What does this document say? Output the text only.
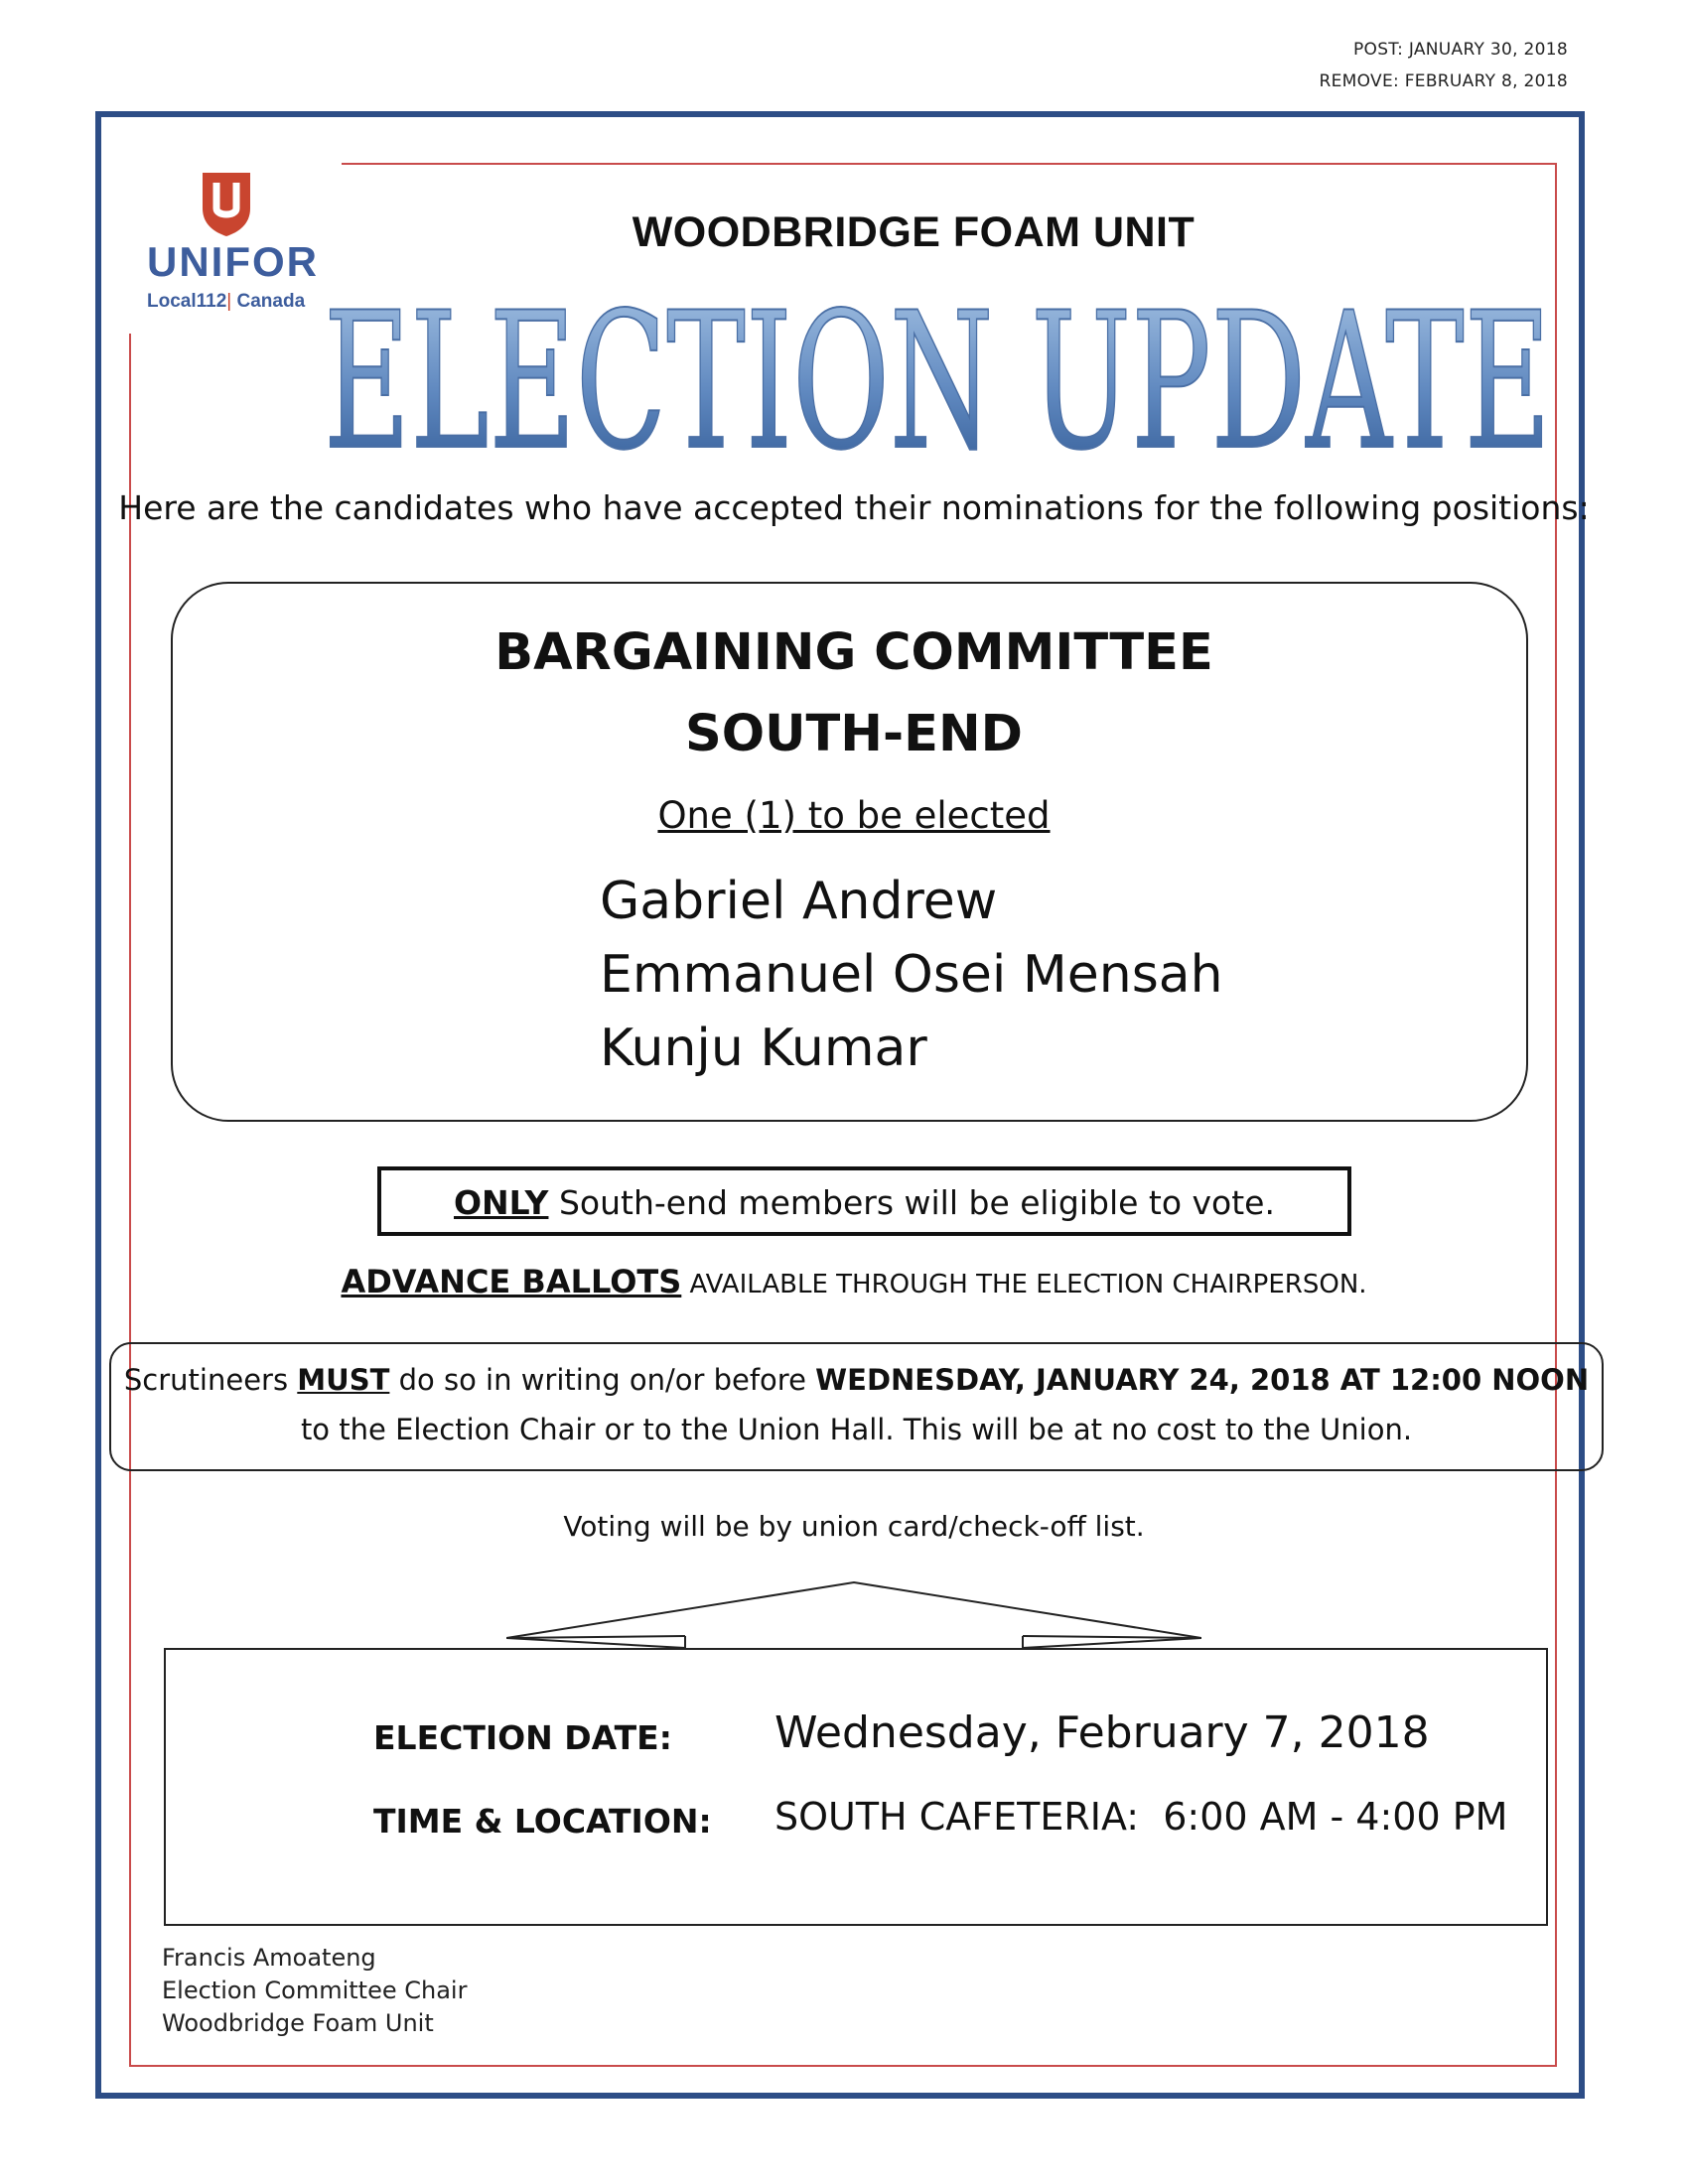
POST: JANUARY 30, 2018
REMOVE: FEBRUARY 8, 2018
UNIFOR
Local112| Canada
WOODBRIDGE FOAM UNIT
ELECTION UPDATE
Here are the candidates who have accepted their nominations for the following positions:
BARGAINING COMMITTEE
SOUTH-END
One (1) to be elected
Gabriel Andrew
Emmanuel Osei Mensah
Kunju Kumar
ONLY South-end members will be eligible to vote.
ADVANCE BALLOTS AVAILABLE THROUGH THE ELECTION CHAIRPERSON.
Scrutineers MUST do so in writing on/or before WEDNESDAY, JANUARY 24, 2018 AT 12:00 NOON
to the Election Chair or to the Union Hall. This will be at no cost to the Union.
Voting will be by union card/check-off list.
ELECTION DATE: Wednesday, February 7, 2018
TIME & LOCATION: SOUTH CAFETERIA:  6:00 AM - 4:00 PM
Francis Amoateng
Election Committee Chair
Woodbridge Foam Unit
